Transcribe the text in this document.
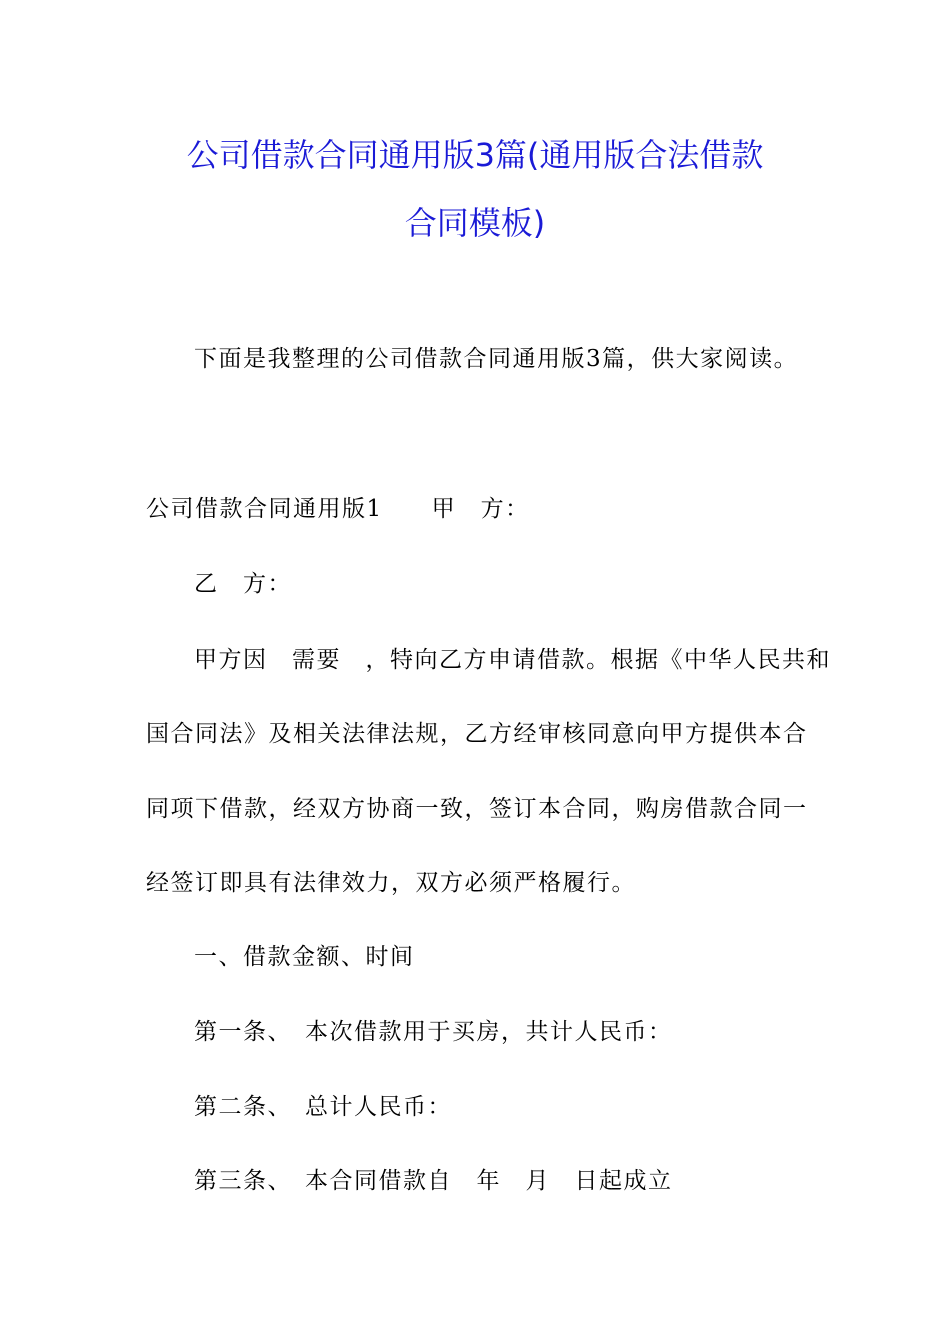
公司借款合同通用版3篇(通用版合法借款
合同模板)
下面是我整理的公司借款合同通用版3篇，供大家阅读。
公司借款合同通用版1　　甲　方：
乙　方：
甲方因　需要　，特向乙方申请借款。根据《中华人民共和
国合同法》及相关法律法规，乙方经审核同意向甲方提供本合
同项下借款，经双方协商一致，签订本合同，购房借款合同一
经签订即具有法律效力，双方必须严格履行。
一、借款金额、时间
第一条、　本次借款用于买房，共计人民币：
第二条、　总计人民币：
第三条、　本合同借款自　年　月　日起成立
